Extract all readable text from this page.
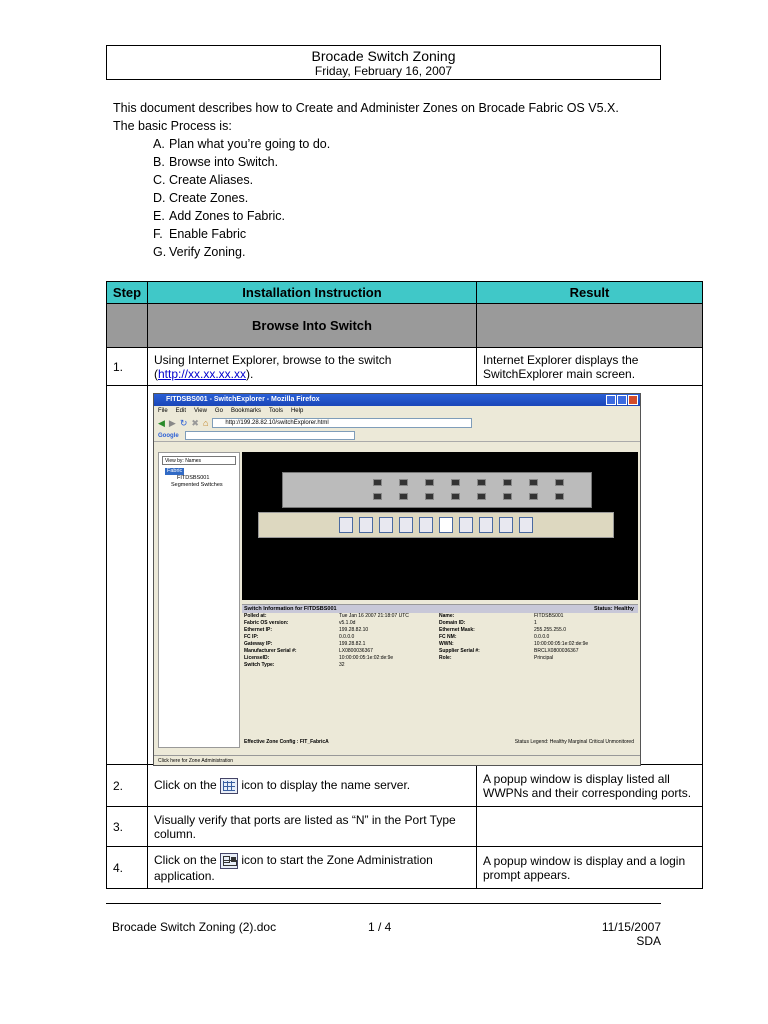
Brocade Switch Zoning
Friday, February 16, 2007
This document describes how to Create and Administer Zones on Brocade Fabric OS V5.X.
The basic Process is:
A. Plan what you’re going to do.
B. Browse into Switch.
C. Create Aliases.
D. Create Zones.
E. Add Zones to Fabric.
F. Enable Fabric
G. Verify Zoning.
Step	Installation Instruction	Result
	Browse Into Switch	
1.	Using Internet Explorer, browse to the switch (http://xx.xx.xx.xx).	Internet Explorer displays the SwitchExplorer main screen.

2.	Click on the  icon to display the name server.	A popup window is display listed all WWPNs and their corresponding ports.
3.	Visually verify that ports are listed as “N” in the Port Type column.	
4.	Click on the  icon to start the Zone Administration application.	A popup window is display and a login prompt appears.
FITDSBS001 - SwitchExplorer - Mozilla Firefox
File Edit View Go Bookmarks Tools Help
◀ ▶ ↻ ✖ ⌂	http://199.28.82.10/switchExplorer.html
Google
View by: Names
Fabric
FITDSBS001
Segmented Switches
Switch Information for FITDSBS001	Status: Healthy
Polled at:	Tue Jan 16 2007 21:18:07 UTC	Name:	FITDSBS001
Fabric OS version:	v5.1.0d	Domain ID:	1
Ethernet IP:	199.28.82.10	Ethernet Mask:	255.255.255.0
FC IP:	0.0.0.0	FC NM:	0.0.0.0
Gateway IP:	199.28.82.1	WWN:	10:00:00:05:1e:02:de:9e
Manufacturer Serial #:	LX0800036367	Supplier Serial #:	BRCLX0800036367
LicenseID:	10:00:00:05:1e:02:de:9e	Role:	Principal
Switch Type:	32
Effective Zone Config : FIT_FabricA	Status Legend: Healthy Marginal Critical Unmonitored
Click here for Zone Administration
Brocade Switch Zoning (2).doc	1 / 4	11/15/2007
SDA
